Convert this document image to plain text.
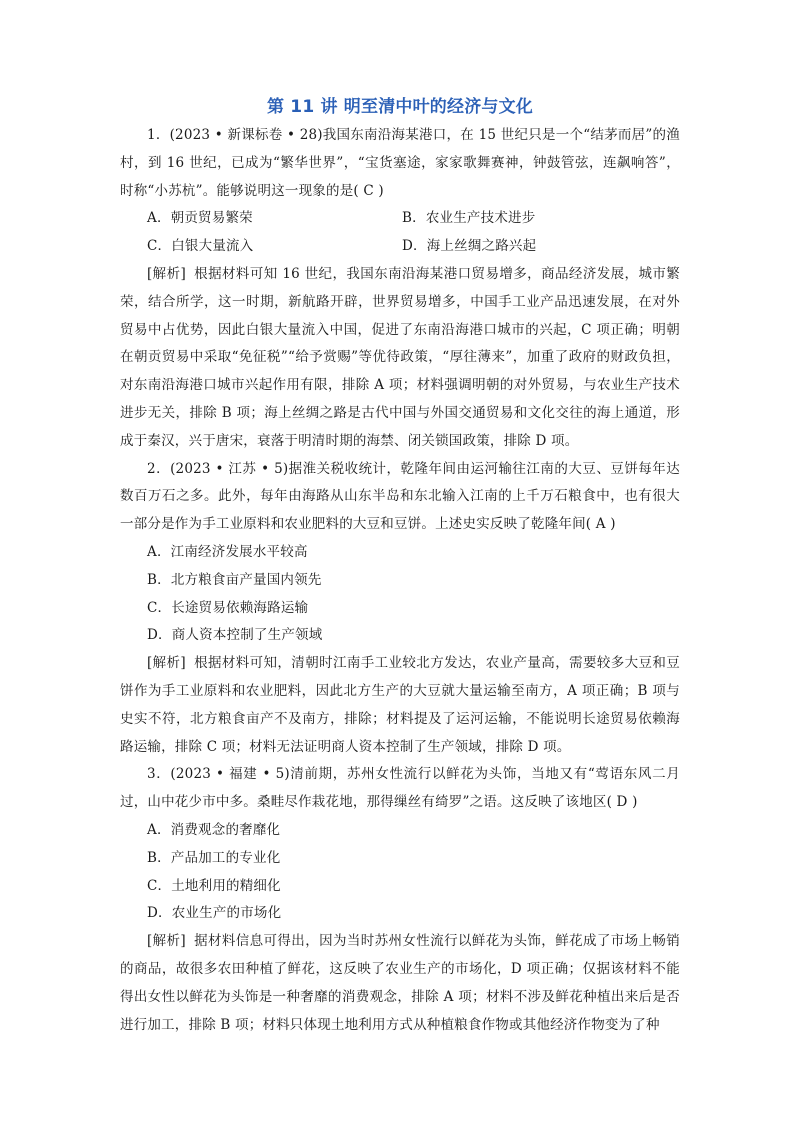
第 11 讲 明至清中叶的经济与文化

1．(2023 • 新课标卷 • 28)我国东南沿海某港口，在 15 世纪只是一个“结茅而居”的渔村，到 16 世纪，已成为“繁华世界”，“宝货塞途，家家歌舞赛神，钟鼓管弦，连飙响答”，时称“小苏杭”。能够说明这一现象的是( C )

A．朝贡贸易繁荣	B．农业生产技术进步
C．白银大量流入	D．海上丝绸之路兴起

[解析] 根据材料可知 16 世纪，我国东南沿海某港口贸易增多，商品经济发展，城市繁荣，结合所学，这一时期，新航路开辟，世界贸易增多，中国手工业产品迅速发展，在对外贸易中占优势，因此白银大量流入中国，促进了东南沿海港口城市的兴起，C 项正确；明朝在朝贡贸易中采取“免征税”“给予赏赐”等优待政策，“厚往薄来”，加重了政府的财政负担，对东南沿海港口城市兴起作用有限，排除 A 项；材料强调明朝的对外贸易，与农业生产技术进步无关，排除 B 项；海上丝绸之路是古代中国与外国交通贸易和文化交往的海上通道，形成于秦汉，兴于唐宋，衰落于明清时期的海禁、闭关锁国政策，排除 D 项。

2．(2023 • 江苏 • 5)据淮关税收统计，乾隆年间由运河输往江南的大豆、豆饼每年达数百万石之多。此外，每年由海路从山东半岛和东北输入江南的上千万石粮食中，也有很大一部分是作为手工业原料和农业肥料的大豆和豆饼。上述史实反映了乾隆年间( A )

A．江南经济发展水平较高
B．北方粮食亩产量国内领先
C．长途贸易依赖海路运输
D．商人资本控制了生产领域

[解析] 根据材料可知，清朝时江南手工业较北方发达，农业产量高，需要较多大豆和豆饼作为手工业原料和农业肥料，因此北方生产的大豆就大量运输至南方，A 项正确；B 项与史实不符，北方粮食亩产不及南方，排除；材料提及了运河运输，不能说明长途贸易依赖海路运输，排除 C 项；材料无法证明商人资本控制了生产领域，排除 D 项。

3．(2023 • 福建 • 5)清前期，苏州女性流行以鲜花为头饰，当地又有“莺语东风二月过，山中花少市中多。桑畦尽作栽花地，那得缫丝有绮罗”之语。这反映了该地区( D )

A．消费观念的奢靡化
B．产品加工的专业化
C．土地利用的精细化
D．农业生产的市场化

[解析] 据材料信息可得出，因为当时苏州女性流行以鲜花为头饰，鲜花成了市场上畅销的商品，故很多农田种植了鲜花，这反映了农业生产的市场化，D 项正确；仅据该材料不能得出女性以鲜花为头饰是一种奢靡的消费观念，排除 A 项；材料不涉及鲜花种植出来后是否进行加工，排除 B 项；材料只体现土地利用方式从种植粮食作物或其他经济作物变为了种
